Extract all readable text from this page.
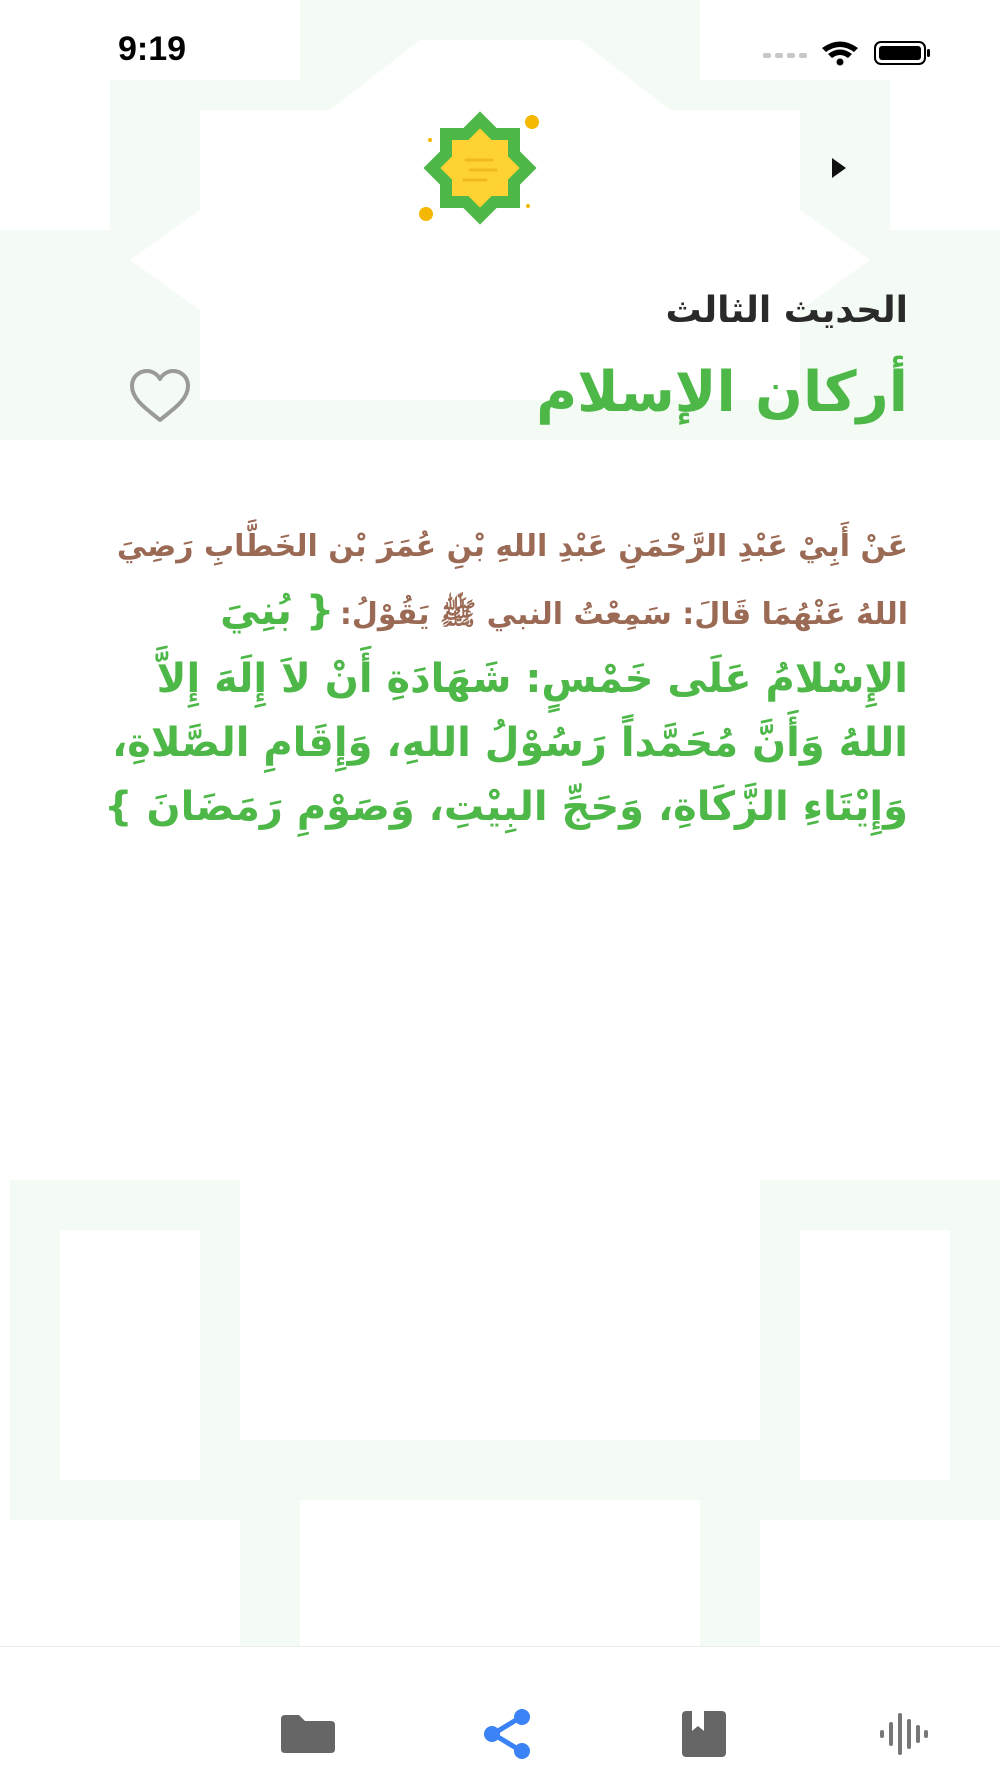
9:19
الحديث الثالث
أركان الإسلام
عَنْ أَبِيْ عَبْدِ الرَّحْمَنِ عَبْدِ اللهِ بْنِ عُمَرَ بْن الخَطَّابِ رَضِيَ اللهُ عَنْهُمَا قَالَ: سَمِعْتُ النبي ﷺ يَقُوْلُ: { بُنِيَ الإِسْلامُ عَلَى خَمْسٍ: شَهَادَةِ أَنْ لاَ إِلَهَ إِلاَّ اللهُ وَأَنَّ مُحَمَّداً رَسُوْلُ اللهِ، وَإِقَامِ الصَّلاةِ، وَإِيْتَاءِ الزَّكَاةِ، وَحَجِّ البِيْتِ، وَصَوْمِ رَمَضَانَ }
